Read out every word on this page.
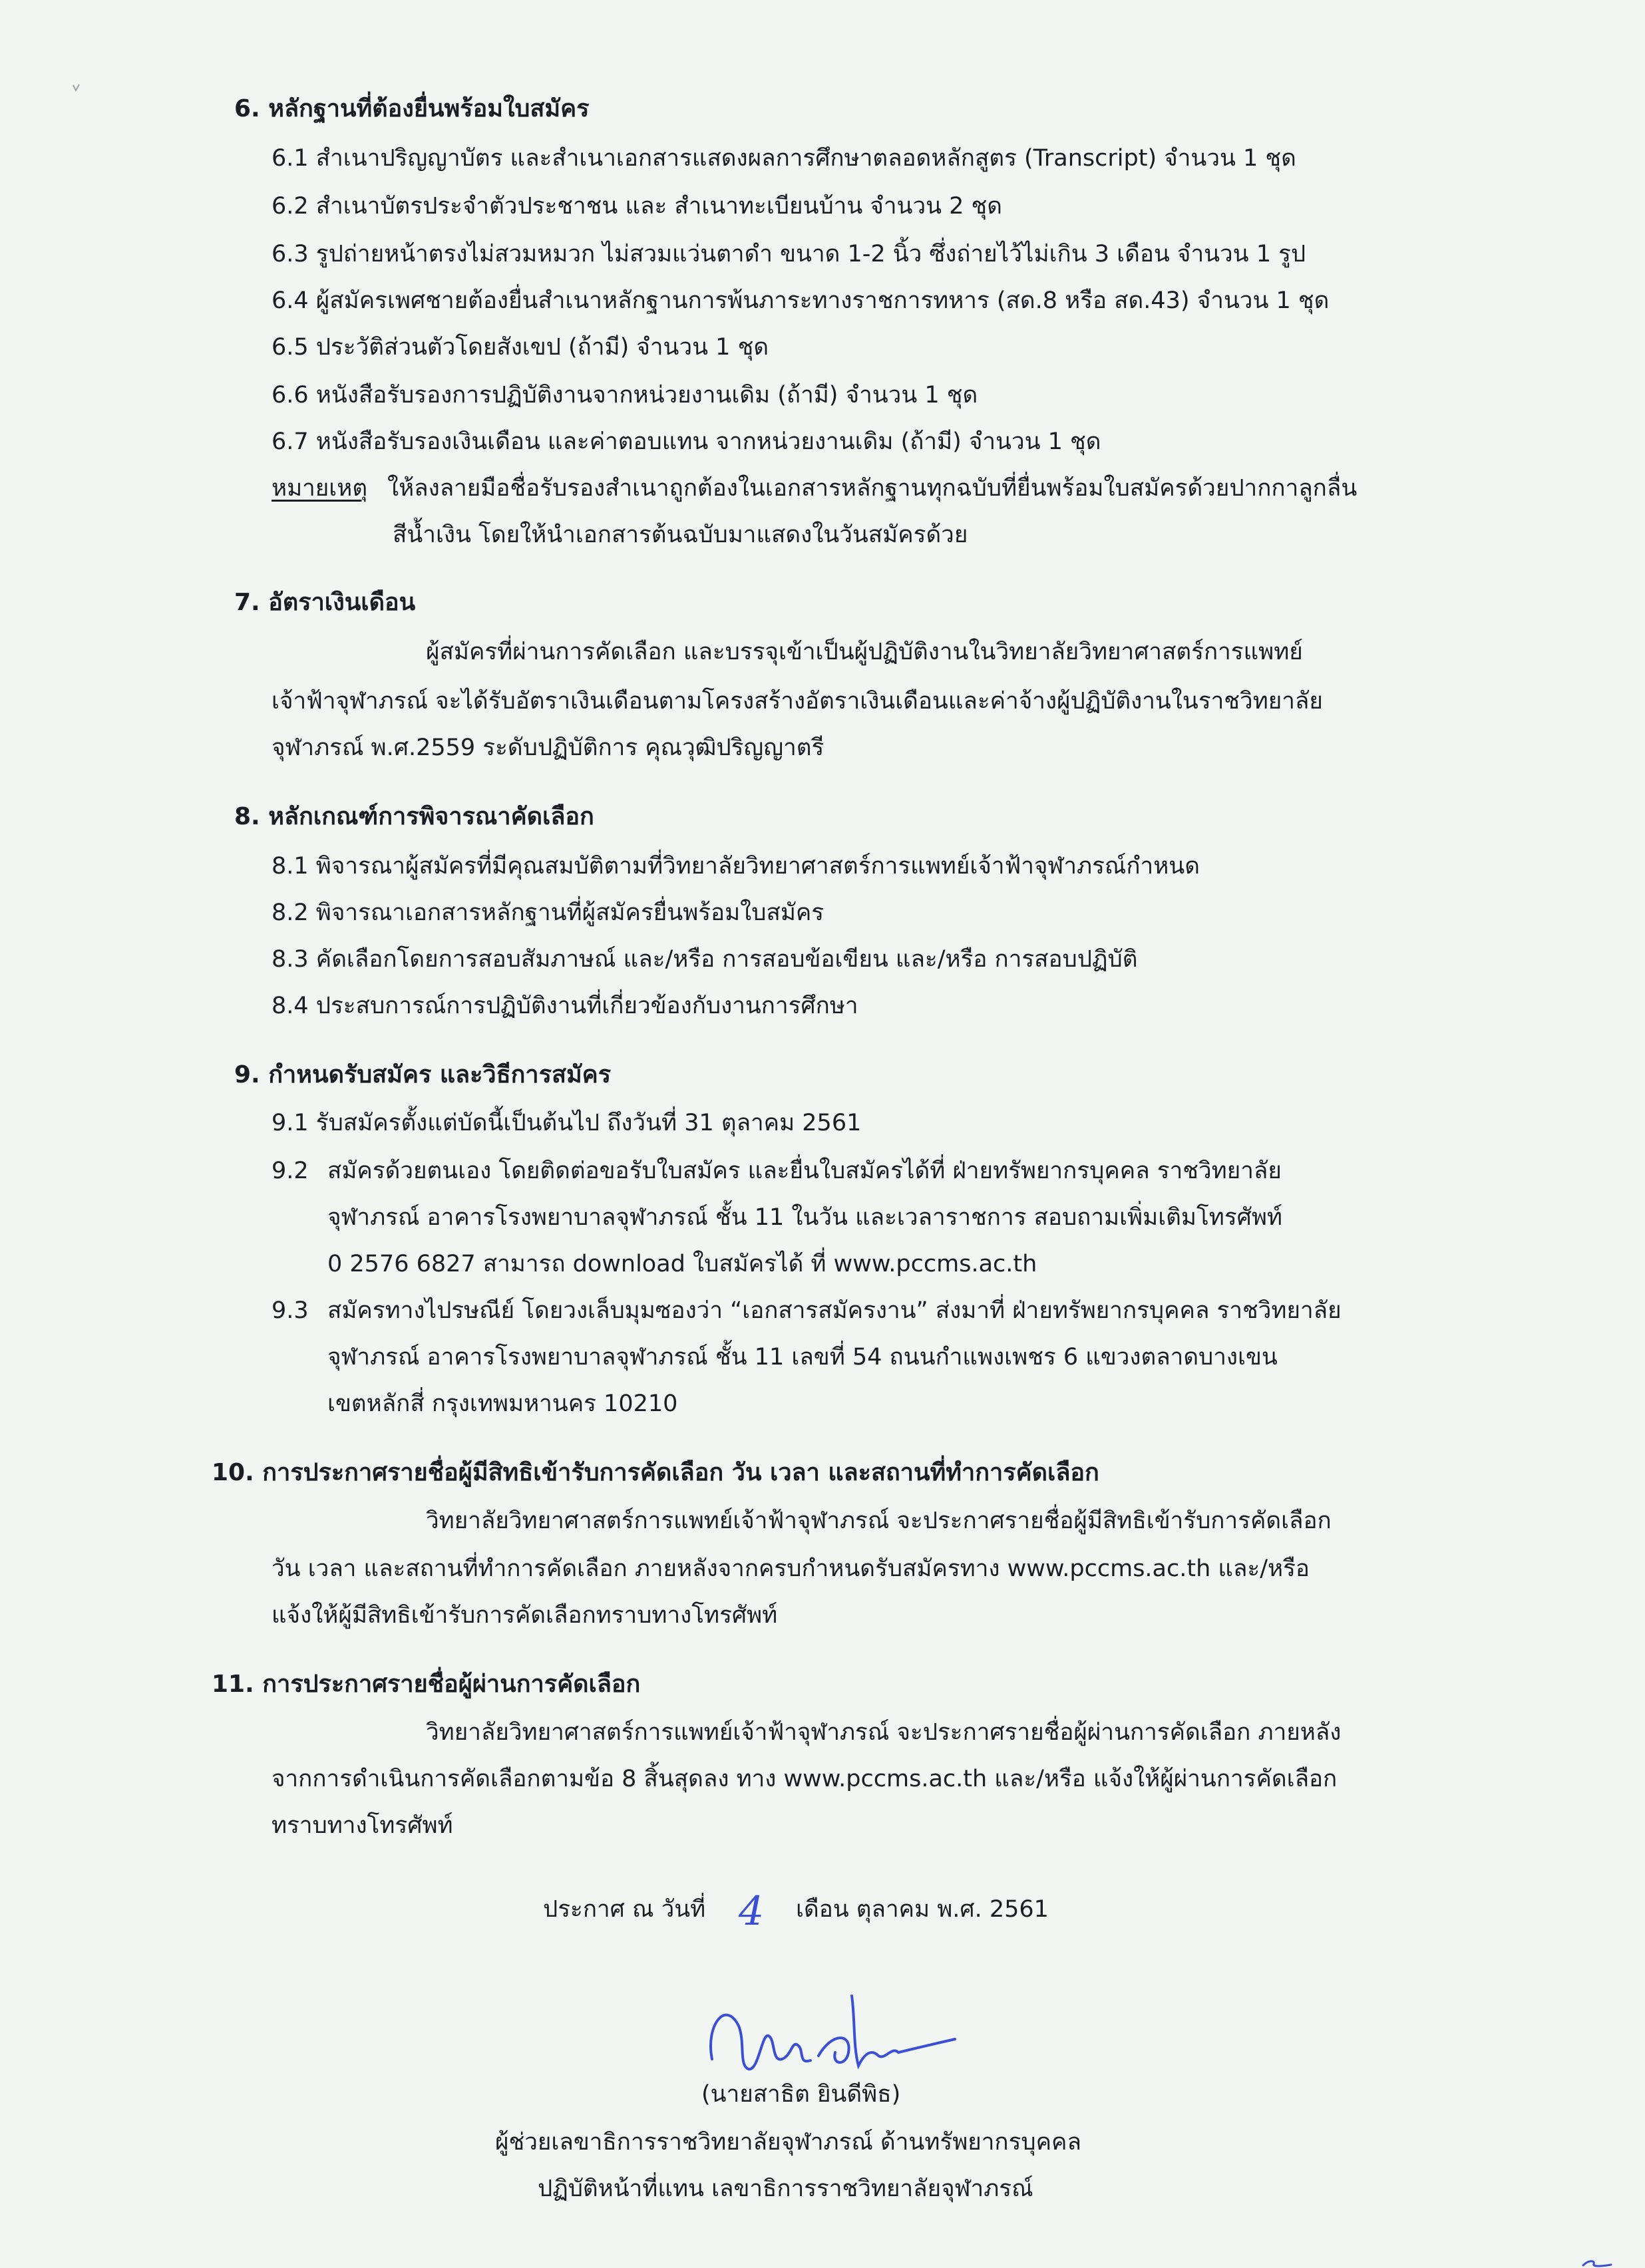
6. หลักฐานที่ต้องยื่นพร้อมใบสมัคร
6.1 สำเนาปริญญาบัตร และสำเนาเอกสารแสดงผลการศึกษาตลอดหลักสูตร (Transcript) จำนวน 1 ชุด
6.2 สำเนาบัตรประจำตัวประชาชน และ สำเนาทะเบียนบ้าน จำนวน 2 ชุด
6.3 รูปถ่ายหน้าตรงไม่สวมหมวก ไม่สวมแว่นตาดำ ขนาด 1-2 นิ้ว ซึ่งถ่ายไว้ไม่เกิน 3 เดือน จำนวน 1 รูป
6.4 ผู้สมัครเพศชายต้องยื่นสำเนาหลักฐานการพ้นภาระทางราชการทหาร (สด.8 หรือ สด.43) จำนวน 1 ชุด
6.5 ประวัติส่วนตัวโดยสังเขป (ถ้ามี) จำนวน 1 ชุด
6.6 หนังสือรับรองการปฏิบัติงานจากหน่วยงานเดิม (ถ้ามี) จำนวน 1 ชุด
6.7 หนังสือรับรองเงินเดือน และค่าตอบแทน จากหน่วยงานเดิม (ถ้ามี) จำนวน 1 ชุด
หมายเหตุ ให้ลงลายมือชื่อรับรองสำเนาถูกต้องในเอกสารหลักฐานทุกฉบับที่ยื่นพร้อมใบสมัครด้วยปากกาลูกลื่น
สีน้ำเงิน โดยให้นำเอกสารต้นฉบับมาแสดงในวันสมัครด้วย
7. อัตราเงินเดือน
ผู้สมัครที่ผ่านการคัดเลือก และบรรจุเข้าเป็นผู้ปฏิบัติงานในวิทยาลัยวิทยาศาสตร์การแพทย์
เจ้าฟ้าจุฬาภรณ์ จะได้รับอัตราเงินเดือนตามโครงสร้างอัตราเงินเดือนและค่าจ้างผู้ปฏิบัติงานในราชวิทยาลัย
จุฬาภรณ์ พ.ศ.2559 ระดับปฏิบัติการ คุณวุฒิปริญญาตรี
8. หลักเกณฑ์การพิจารณาคัดเลือก
8.1 พิจารณาผู้สมัครที่มีคุณสมบัติตามที่วิทยาลัยวิทยาศาสตร์การแพทย์เจ้าฟ้าจุฬาภรณ์กำหนด
8.2 พิจารณาเอกสารหลักฐานที่ผู้สมัครยื่นพร้อมใบสมัคร
8.3 คัดเลือกโดยการสอบสัมภาษณ์ และ/หรือ การสอบข้อเขียน และ/หรือ การสอบปฏิบัติ
8.4 ประสบการณ์การปฏิบัติงานที่เกี่ยวข้องกับงานการศึกษา
9. กำหนดรับสมัคร และวิธีการสมัคร
9.1 รับสมัครตั้งแต่บัดนี้เป็นต้นไป ถึงวันที่ 31 ตุลาคม 2561
9.2 สมัครด้วยตนเอง โดยติดต่อขอรับใบสมัคร และยื่นใบสมัครได้ที่ ฝ่ายทรัพยากรบุคคล ราชวิทยาลัย
จุฬาภรณ์ อาคารโรงพยาบาลจุฬาภรณ์ ชั้น 11 ในวัน และเวลาราชการ สอบถามเพิ่มเติมโทรศัพท์
0 2576 6827 สามารถ download ใบสมัครได้ ที่ www.pccms.ac.th
9.3 สมัครทางไปรษณีย์ โดยวงเล็บมุมซองว่า “เอกสารสมัครงาน” ส่งมาที่ ฝ่ายทรัพยากรบุคคล ราชวิทยาลัย
จุฬาภรณ์ อาคารโรงพยาบาลจุฬาภรณ์ ชั้น 11 เลขที่ 54 ถนนกำแพงเพชร 6 แขวงตลาดบางเขน
เขตหลักสี่ กรุงเทพมหานคร 10210
10. การประกาศรายชื่อผู้มีสิทธิเข้ารับการคัดเลือก วัน เวลา และสถานที่ทำการคัดเลือก
วิทยาลัยวิทยาศาสตร์การแพทย์เจ้าฟ้าจุฬาภรณ์ จะประกาศรายชื่อผู้มีสิทธิเข้ารับการคัดเลือก
วัน เวลา และสถานที่ทำการคัดเลือก ภายหลังจากครบกำหนดรับสมัครทาง www.pccms.ac.th และ/หรือ
แจ้งให้ผู้มีสิทธิเข้ารับการคัดเลือกทราบทางโทรศัพท์
11. การประกาศรายชื่อผู้ผ่านการคัดเลือก
วิทยาลัยวิทยาศาสตร์การแพทย์เจ้าฟ้าจุฬาภรณ์ จะประกาศรายชื่อผู้ผ่านการคัดเลือก ภายหลัง
จากการดำเนินการคัดเลือกตามข้อ 8 สิ้นสุดลง ทาง www.pccms.ac.th และ/หรือ แจ้งให้ผู้ผ่านการคัดเลือก
ทราบทางโทรศัพท์
ประกาศ ณ วันที่ 4 เดือน ตุลาคม พ.ศ. 2561
(นายสาธิต ยินดีพิธ)
ผู้ช่วยเลขาธิการราชวิทยาลัยจุฬาภรณ์ ด้านทรัพยากรบุคคล
ปฏิบัติหน้าที่แทน เลขาธิการราชวิทยาลัยจุฬาภรณ์
